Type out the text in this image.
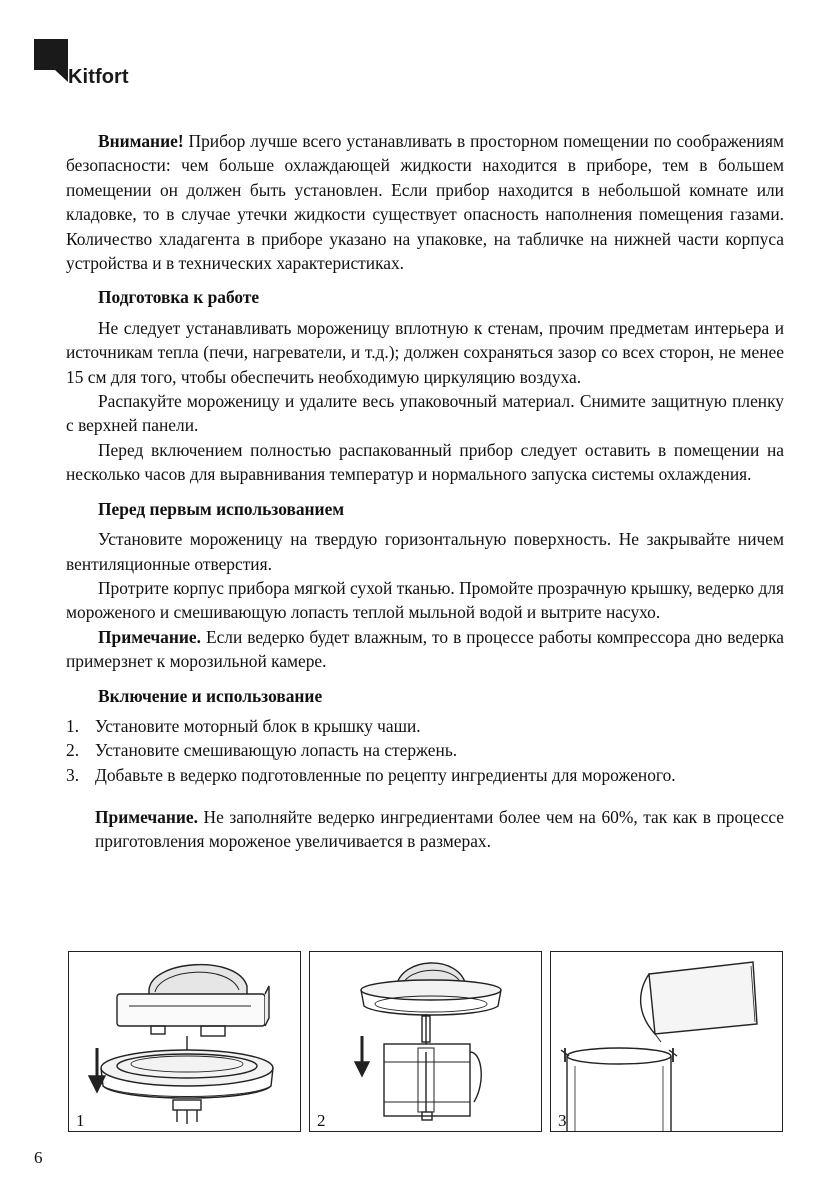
Kitfort

Внимание! Прибор лучше всего устанавливать в просторном помещении по соображениям безопасности: чем больше охлаждающей жидкости находится в приборе, тем в большем помещении он должен быть установлен. Если прибор находится в небольшой комнате или кладовке, то в случае утечки жидкости существует опасность наполнения помещения газами. Количество хладагента в приборе указано на упаковке, на табличке на нижней части корпуса устройства и в технических характеристиках.

Подготовка к работе

Не следует устанавливать мороженицу вплотную к стенам, прочим предметам интерьера и источникам тепла (печи, нагреватели, и т.д.); должен сохраняться зазор со всех сторон, не менее 15 см для того, чтобы обеспечить необходимую циркуляцию воздуха.

Распакуйте мороженицу и удалите весь упаковочный материал. Снимите защитную пленку с верхней панели.

Перед включением полностью распакованный прибор следует оставить в помещении на несколько часов для выравнивания температур и нормального запуска системы охлаждения.

Перед первым использованием

Установите мороженицу на твердую горизонтальную поверхность. Не закрывайте ничем вентиляционные отверстия.

Протрите корпус прибора мягкой сухой тканью. Промойте прозрачную крышку, ведерко для мороженого и смешивающую лопасть теплой мыльной водой и вытрите насухо.

Примечание. Если ведерко будет влажным, то в процессе работы компрессора дно ведерка примерзнет к морозильной камере.

Включение и использование

1. Установите моторный блок в крышку чаши.
2. Установите смешивающую лопасть на стержень.
3. Добавьте в ведерко подготовленные по рецепту ингредиенты для мороженого.

Примечание. Не заполняйте ведерко ингредиентами более чем на 60%, так как в процессе приготовления мороженое увеличивается в размерах.

1	2	3
6
